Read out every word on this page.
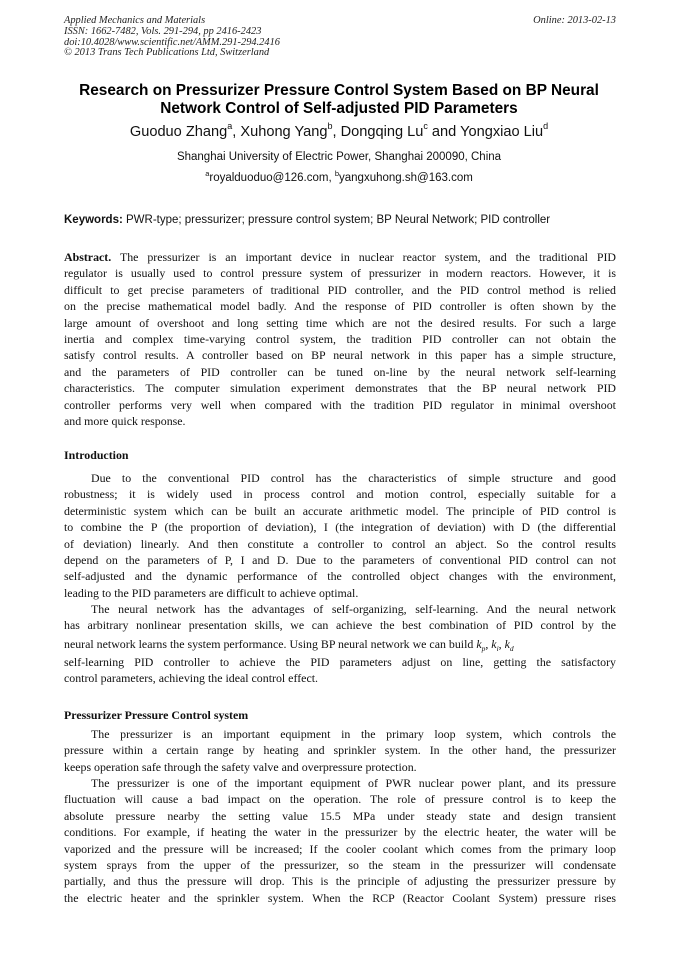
Applied Mechanics and Materials
ISSN: 1662-7482, Vols. 291-294, pp 2416-2423
doi:10.4028/www.scientific.net/AMM.291-294.2416
© 2013 Trans Tech Publications Ltd, Switzerland
Online: 2013-02-13
Research on Pressurizer Pressure Control System Based on BP Neural
Network Control of Self-adjusted PID Parameters
Guoduo Zhang$^a$, Xuhong Yang$^b$, Dongqing Lu$^c$ and Yongxiao Liu$^d$
Shanghai University of Electric Power, Shanghai 200090, China
$^a$royalduoduo@126.com, $^b$yangxuhong.sh@163.com
Keywords: PWR-type; pressurizer; pressure control system; BP Neural Network; PID controller
Abstract. The pressurizer is an important device in nuclear reactor system, and the traditional PID
regulator is usually used to control pressure system of pressurizer in modern reactors. However, it is
difficult to get precise parameters of traditional PID controller, and the PID control method is relied
on the precise mathematical model badly. And the response of PID controller is often shown by the
large amount of overshoot and long setting time which are not the desired results. For such a large
inertia and complex time-varying control system, the tradition PID controller can not obtain the
satisfy control results. A controller based on BP neural network in this paper has a simple structure,
and the parameters of PID controller can be tuned on-line by the neural network self-learning
characteristics. The computer simulation experiment demonstrates that the BP neural network PID
controller performs very well when compared with the tradition PID regulator in minimal overshoot
and more quick response.
Introduction
Due to the conventional PID control has the characteristics of simple structure and good
robustness; it is widely used in process control and motion control, especially suitable for a
deterministic system which can be built an accurate arithmetic model. The principle of PID control is
to combine the P (the proportion of deviation), I (the integration of deviation) with D (the differential
of deviation) linearly. And then constitute a controller to control an abject. So the control results
depend on the parameters of P, I and D. Due to the parameters of conventional PID control can not
self-adjusted and the dynamic performance of the controlled object changes with the environment,
leading to the PID parameters are difficult to achieve optimal.
The neural network has the advantages of self-organizing, self-learning. And the neural network
has arbitrary nonlinear presentation skills, we can achieve the best combination of PID control by the
neural network learns the system performance. Using BP neural network we can build $k_p$, $k_i$, $k_d$
self-learning PID controller to achieve the PID parameters adjust on line, getting the satisfactory
control parameters, achieving the ideal control effect.
Pressurizer Pressure Control system
The pressurizer is an important equipment in the primary loop system, which controls the
pressure within a certain range by heating and sprinkler system. In the other hand, the pressurizer
keeps operation safe through the safety valve and overpressure protection.
The pressurizer is one of the important equipment of PWR nuclear power plant, and its pressure
fluctuation will cause a bad impact on the operation. The role of pressure control is to keep the
absolute pressure nearby the setting value 15.5 MPa under steady state and design transient
conditions. For example, if heating the water in the pressurizer by the electric heater, the water will be
vaporized and the pressure will be increased; If the cooler coolant which comes from the primary loop
system sprays from the upper of the pressurizer, so the steam in the pressurizer will condensate
partially, and thus the pressure will drop. This is the principle of adjusting the pressurizer pressure by
the electric heater and the sprinkler system. When the RCP (Reactor Coolant System) pressure rises
